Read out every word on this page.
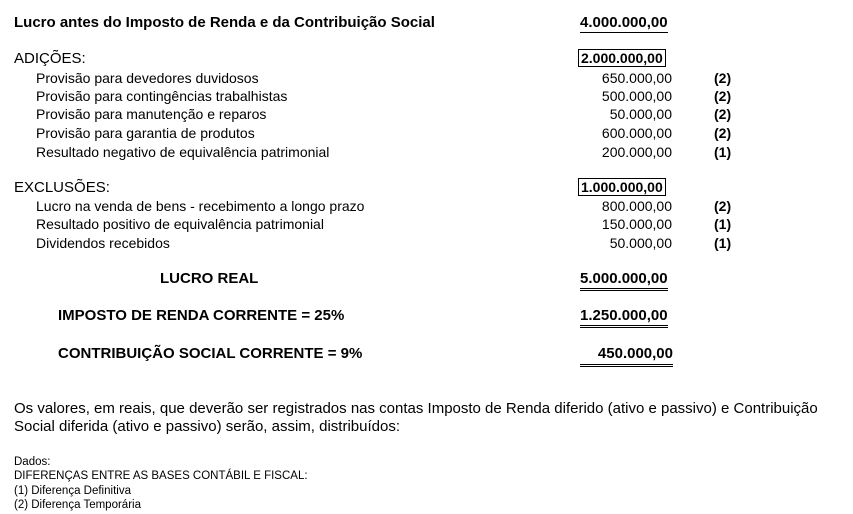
Lucro antes do Imposto de Renda e da Contribuição Social	4.000.000,00
ADIÇÕES:	2.000.000,00
Provisão para devedores duvidosos	650.000,00	(2)
Provisão para contingências trabalhistas	500.000,00	(2)
Provisão para manutenção e reparos	50.000,00	(2)
Provisão para garantia de produtos	600.000,00	(2)
Resultado negativo de equivalência patrimonial	200.000,00	(1)
EXCLUSÕES:	1.000.000,00
Lucro na venda de bens - recebimento a longo prazo	800.000,00	(2)
Resultado positivo de equivalência patrimonial	150.000,00	(1)
Dividendos recebidos	50.000,00	(1)
LUCRO REAL	5.000.000,00
IMPOSTO DE RENDA CORRENTE = 25%	1.250.000,00
CONTRIBUIÇÃO SOCIAL CORRENTE = 9%	450.000,00
Os valores, em reais, que deverão ser registrados nas contas Imposto de Renda diferido (ativo e passivo) e Contribuição Social diferida (ativo e passivo) serão, assim, distribuídos:
Dados:
DIFERENÇAS ENTRE AS BASES CONTÁBIL E FISCAL:
(1) Diferença Definitiva
(2) Diferença Temporária
